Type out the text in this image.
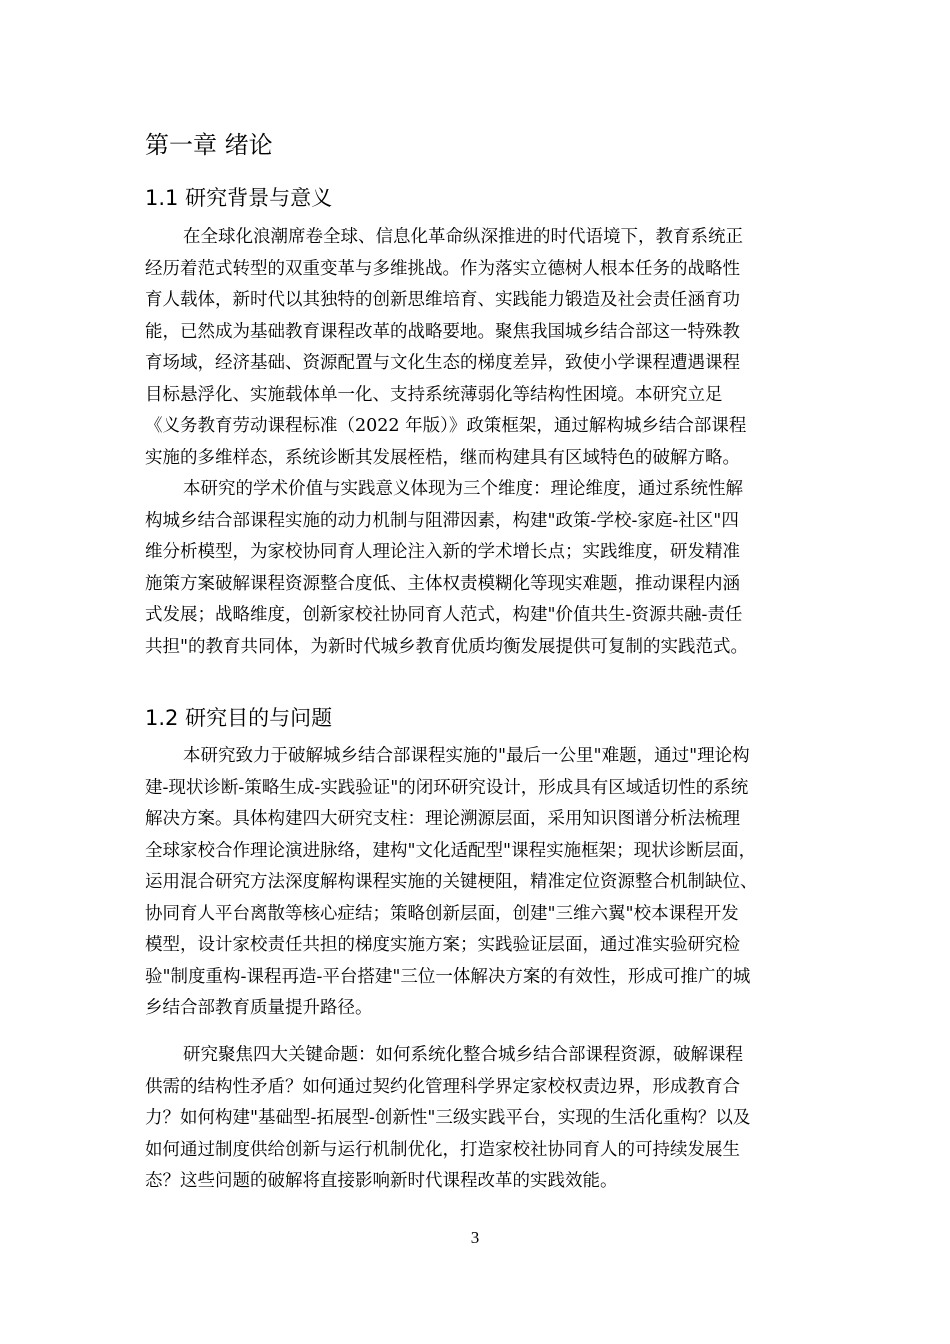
第一章 绪论
1.1 研究背景与意义
在全球化浪潮席卷全球、信息化革命纵深推进的时代语境下，教育系统正
经历着范式转型的双重变革与多维挑战。作为落实立德树人根本任务的战略性
育人载体，新时代以其独特的创新思维培育、实践能力锻造及社会责任涵育功
能，已然成为基础教育课程改革的战略要地。聚焦我国城乡结合部这一特殊教
育场域，经济基础、资源配置与文化生态的梯度差异，致使小学课程遭遇课程
目标悬浮化、实施载体单一化、支持系统薄弱化等结构性困境。本研究立足
《义务教育劳动课程标准（2022 年版）》政策框架，通过解构城乡结合部课程
实施的多维样态，系统诊断其发展桎梏，继而构建具有区域特色的破解方略。
本研究的学术价值与实践意义体现为三个维度：理论维度，通过系统性解
构城乡结合部课程实施的动力机制与阻滞因素，构建"政策-学校-家庭-社区"四
维分析模型，为家校协同育人理论注入新的学术增长点；实践维度，研发精准
施策方案破解课程资源整合度低、主体权责模糊化等现实难题，推动课程内涵
式发展；战略维度，创新家校社协同育人范式，构建"价值共生-资源共融-责任
共担"的教育共同体，为新时代城乡教育优质均衡发展提供可复制的实践范式。
1.2 研究目的与问题
本研究致力于破解城乡结合部课程实施的"最后一公里"难题，通过"理论构
建-现状诊断-策略生成-实践验证"的闭环研究设计，形成具有区域适切性的系统
解决方案。具体构建四大研究支柱：理论溯源层面，采用知识图谱分析法梳理
全球家校合作理论演进脉络，建构"文化适配型"课程实施框架；现状诊断层面，
运用混合研究方法深度解构课程实施的关键梗阻，精准定位资源整合机制缺位、
协同育人平台离散等核心症结；策略创新层面，创建"三维六翼"校本课程开发
模型，设计家校责任共担的梯度实施方案；实践验证层面，通过准实验研究检
验"制度重构-课程再造-平台搭建"三位一体解决方案的有效性，形成可推广的城
乡结合部教育质量提升路径。
研究聚焦四大关键命题：如何系统化整合城乡结合部课程资源，破解课程
供需的结构性矛盾？如何通过契约化管理科学界定家校权责边界，形成教育合
力？如何构建"基础型-拓展型-创新性"三级实践平台，实现的生活化重构？以及
如何通过制度供给创新与运行机制优化，打造家校社协同育人的可持续发展生
态？这些问题的破解将直接影响新时代课程改革的实践效能。
3
